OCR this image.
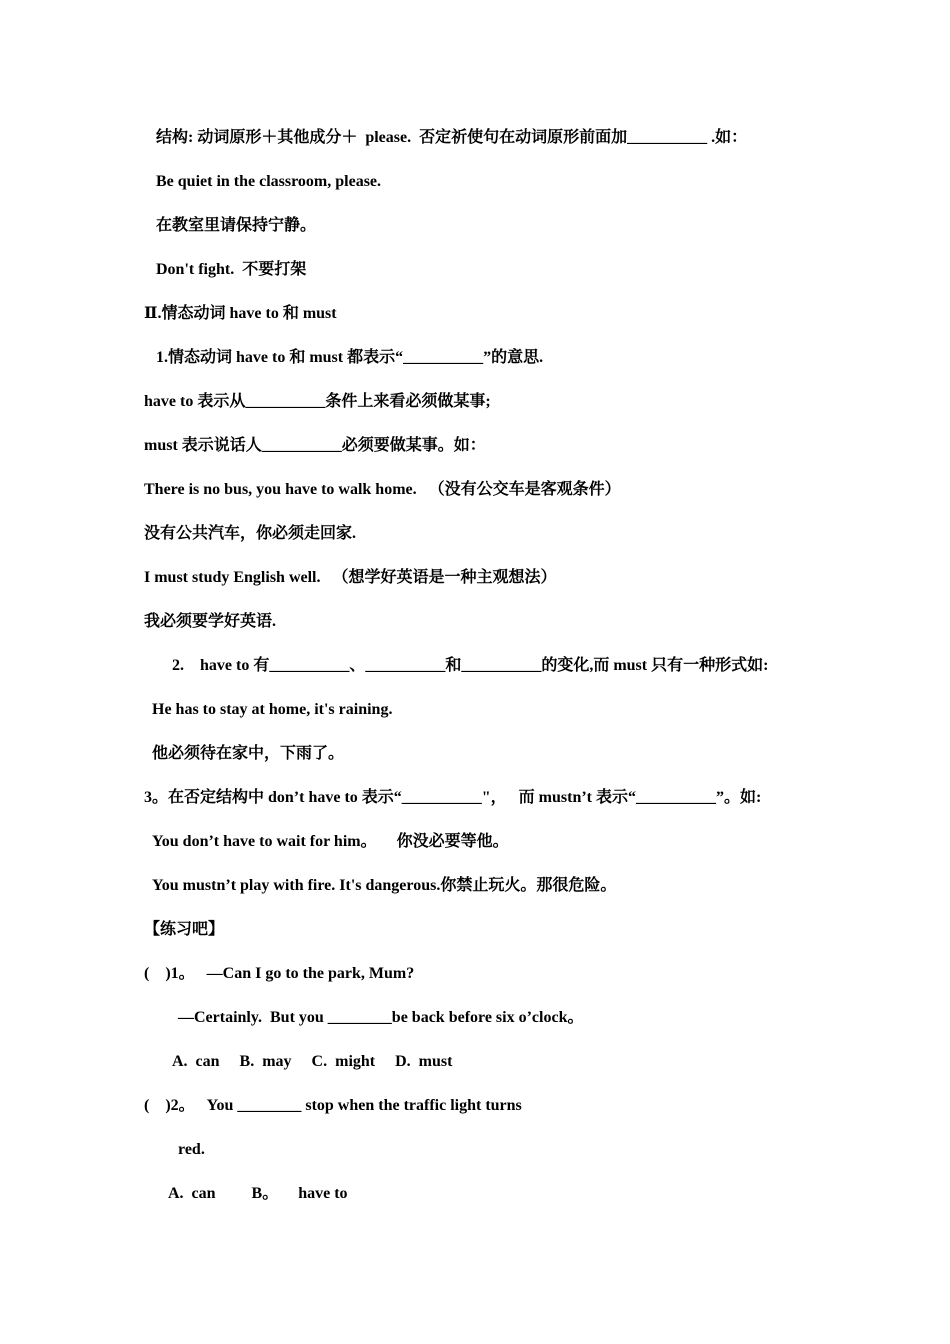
结构: 动词原形＋其他成分＋  please.  否定祈使句在动词原形前面加__________ .如：
Be quiet in the classroom, please.
在教室里请保持宁静。
Don't fight.  不要打架
Ⅱ.情态动词 have to 和 must
1.情态动词 have to 和 must 都表示“__________”的意思.
have to 表示从__________条件上来看必须做某事;
must 表示说话人__________必须要做某事。如：
There is no bus, you have to walk home.   （没有公交车是客观条件）
没有公共汽车，你必须走回家.
I must study English well.   （想学好英语是一种主观想法）
我必须要学好英语.
2.    have to 有__________、__________和__________的变化,而 must 只有一种形式如:
He has to stay at home, it's raining.
他必须待在家中，下雨了。
3。在否定结构中 don’t have to 表示“__________"，   而 mustn’t 表示“__________”。如:
You don’t have to wait for him。     你没必要等他。
You mustn’t play with fire. It's dangerous.你禁止玩火。那很危险。
【练习吧】
(    )1。   —Can I go to the park, Mum?
—Certainly.  But you ________be back before six o’clock。
A.  can     B.  may     C.  might     D.  must
(    )2。   You ________ stop when the traffic light turns
red.
A.  can         B。     have to
